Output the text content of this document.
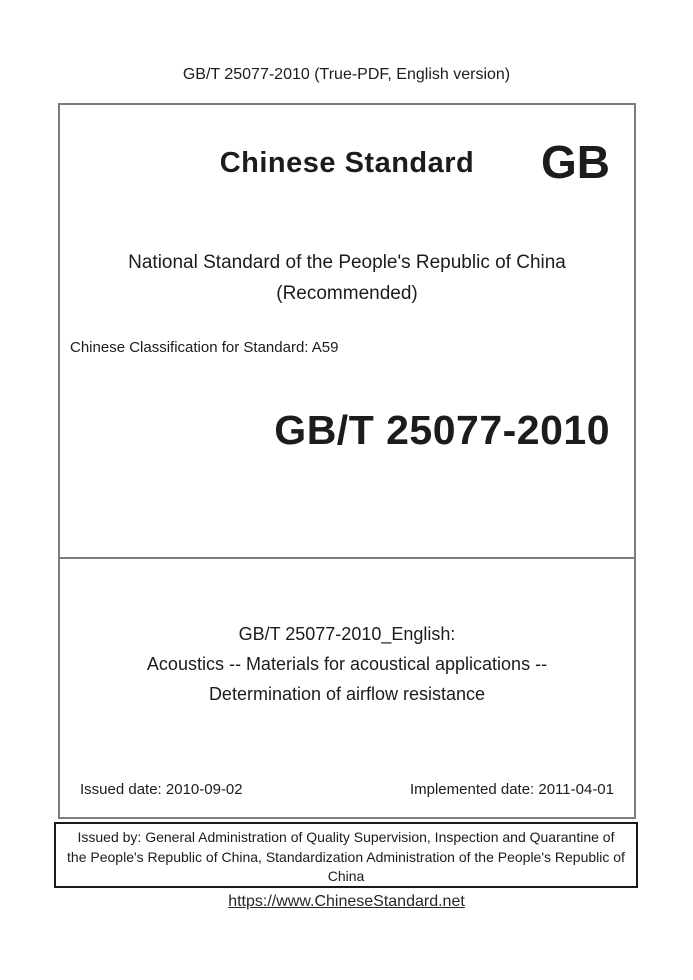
GB/T 25077-2010 (True-PDF, English version)
Chinese Standard	GB
National Standard of the People's Republic of China
(Recommended)
Chinese Classification for Standard: A59
GB/T 25077-2010
GB/T 25077-2010_English:
Acoustics -- Materials for acoustical applications --
Determination of airflow resistance
Issued date: 2010-09-02	Implemented date: 2011-04-01
Issued by: General Administration of Quality Supervision, Inspection and Quarantine of
the People's Republic of China, Standardization Administration of the People's Republic of
China
https://www.ChineseStandard.net
